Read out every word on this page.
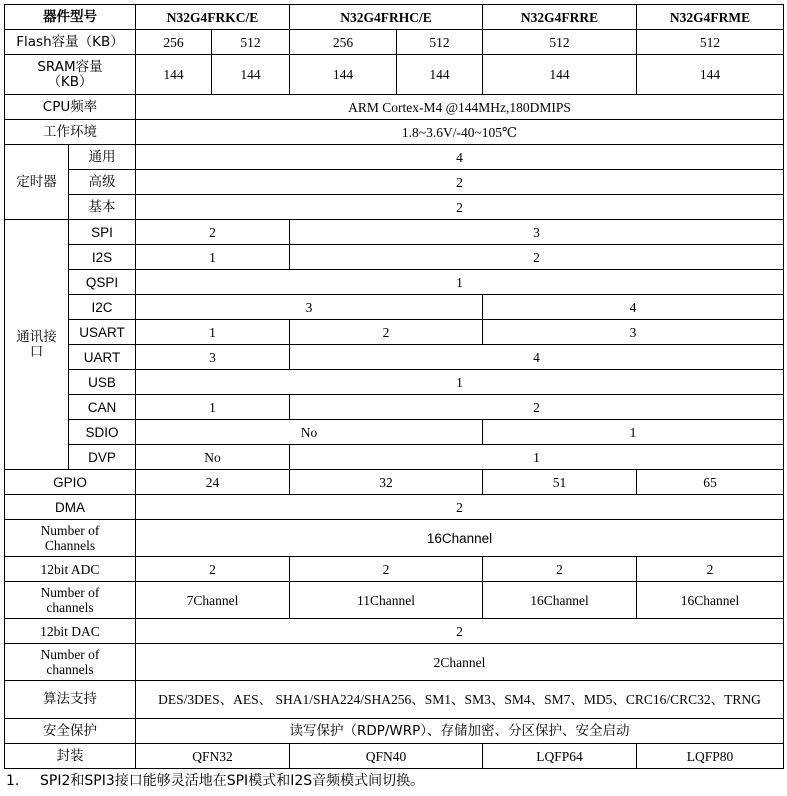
器件型号		N32G4FRKC/E		N32G4FRHC/E		N32G4FRRE	N32G4FRME
Flash容量（KB）		256	512	256	512	512	512
SRAM容量（KB）		144	144	144	144	144	144
CPU频率		ARM Cortex-M4 @144MHz,180DMIPS					
工作环境		1.8~3.6V/-40~105℃					
定时器	通用	4					
	高级	2					
	基本	2					
通讯接口	SPI	2		3			
	I2S	1		2			
	QSPI	1					
	I2C	3				4	
	USART	1		2		3	
	UART	3		4			
	USB	1					
	CAN	1		2			
	SDIO	No				1	
	DVP	No		1			
GPIO		24		32		51	65
DMA		2					
Number of Channels		16Channel					
12bit ADC		2		2		2	2
Number of channels		7Channel		11Channel		16Channel	16Channel
12bit DAC		2					
Number of channels		2Channel					
算法支持		DES/3DES、AES、 SHA1/SHA224/SHA256、SM1、SM3、SM4、SM7、MD5、CRC16/CRC32、TRNG					
安全保护		读写保护（RDP/WRP）、存储加密、分区保护、安全启动					
封装		QFN32		QFN40		LQFP64	LQFP80
1. SPI2和SPI3接口能够灵活地在SPI模式和I2S音频模式间切换。
